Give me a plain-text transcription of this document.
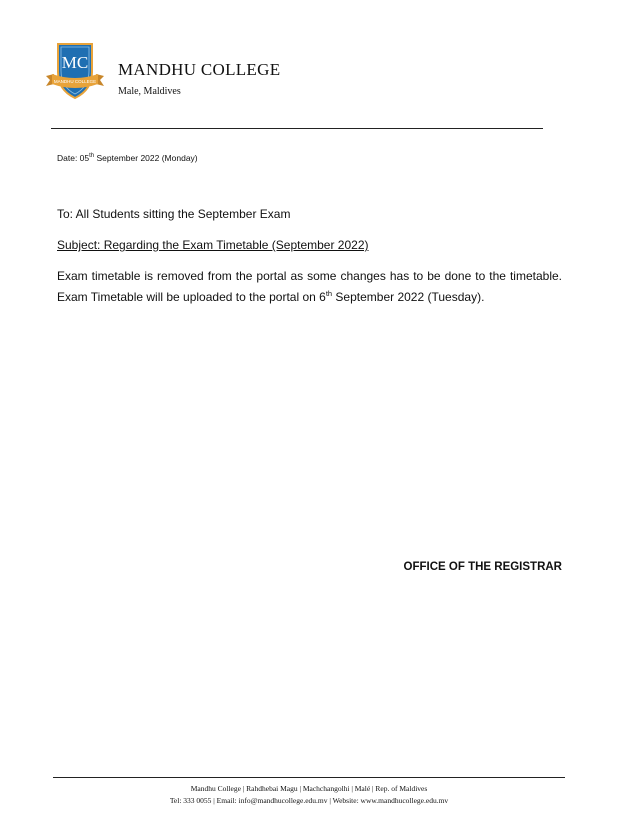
MC
MANDHU COLLEGE
MANDHU COLLEGE
Male, Maldives
Date: 05th September 2022 (Monday)
To: All Students sitting the September Exam
Subject: Regarding the Exam Timetable (September 2022)
Exam timetable is removed from the portal as some changes has to be done to the timetable. Exam Timetable will be uploaded to the portal on 6th September 2022 (Tuesday).
OFFICE OF THE REGISTRAR
Mandhu College | Rahdhebai Magu | Machchangolhi | Malé | Rep. of Maldives
Tel: 333 0055 | Email: info@mandhucollege.edu.mv | Website: www.mandhucollege.edu.mv
